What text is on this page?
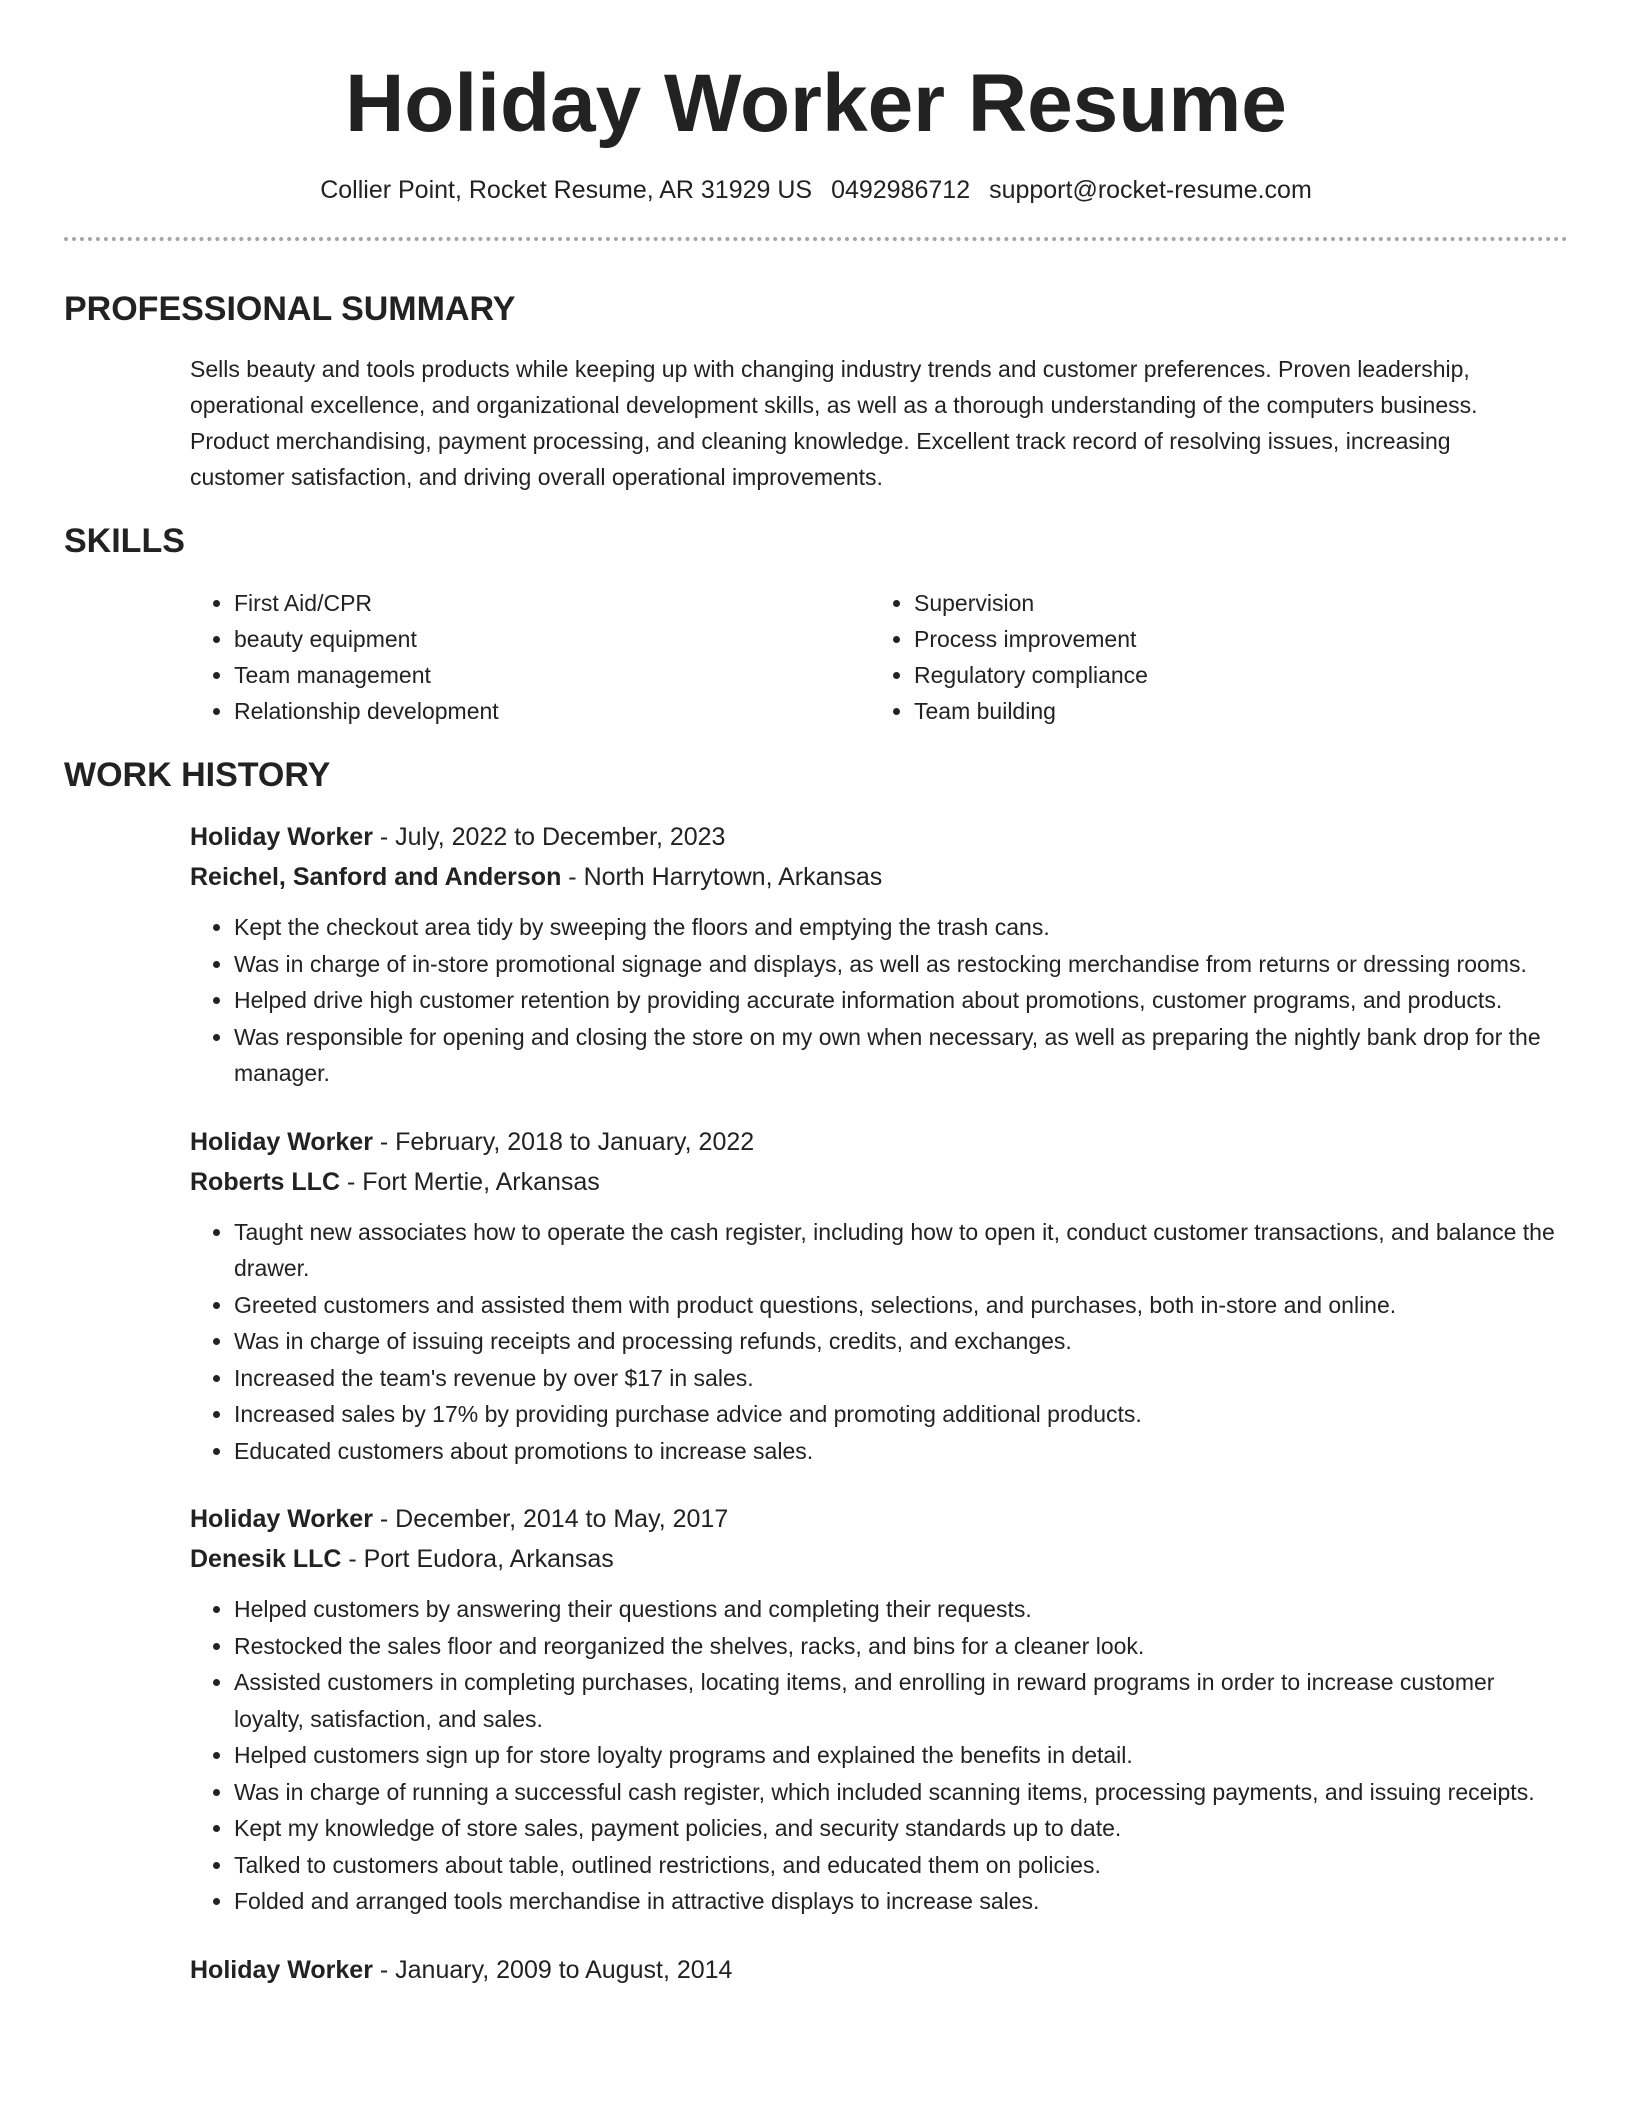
Holiday Worker Resume
Collier Point, Rocket Resume, AR 31929 US 0492986712 support@rocket-resume.com
PROFESSIONAL SUMMARY

Sells beauty and tools products while keeping up with changing industry trends and customer preferences. Proven leadership, operational excellence, and organizational development skills, as well as a thorough understanding of the computers business. Product merchandising, payment processing, and cleaning knowledge. Excellent track record of resolving issues, increasing customer satisfaction, and driving overall operational improvements.

SKILLS
• First Aid/CPR
• beauty equipment
• Team management
• Relationship development
• Supervision
• Process improvement
• Regulatory compliance
• Team building
WORK HISTORY
Holiday Worker - July, 2022 to December, 2023
Reichel, Sanford and Anderson - North Harrytown, Arkansas
• Kept the checkout area tidy by sweeping the floors and emptying the trash cans.
• Was in charge of in-store promotional signage and displays, as well as restocking merchandise from returns or dressing rooms.
• Helped drive high customer retention by providing accurate information about promotions, customer programs, and products.
• Was responsible for opening and closing the store on my own when necessary, as well as preparing the nightly bank drop for the manager.
Holiday Worker - February, 2018 to January, 2022
Roberts LLC - Fort Mertie, Arkansas
• Taught new associates how to operate the cash register, including how to open it, conduct customer transactions, and balance the drawer.
• Greeted customers and assisted them with product questions, selections, and purchases, both in-store and online.
• Was in charge of issuing receipts and processing refunds, credits, and exchanges.
• Increased the team's revenue by over $17 in sales.
• Increased sales by 17% by providing purchase advice and promoting additional products.
• Educated customers about promotions to increase sales.
Holiday Worker - December, 2014 to May, 2017
Denesik LLC - Port Eudora, Arkansas
• Helped customers by answering their questions and completing their requests.
• Restocked the sales floor and reorganized the shelves, racks, and bins for a cleaner look.
• Assisted customers in completing purchases, locating items, and enrolling in reward programs in order to increase customer loyalty, satisfaction, and sales.
• Helped customers sign up for store loyalty programs and explained the benefits in detail.
• Was in charge of running a successful cash register, which included scanning items, processing payments, and issuing receipts.
• Kept my knowledge of store sales, payment policies, and security standards up to date.
• Talked to customers about table, outlined restrictions, and educated them on policies.
• Folded and arranged tools merchandise in attractive displays to increase sales.
Holiday Worker - January, 2009 to August, 2014
